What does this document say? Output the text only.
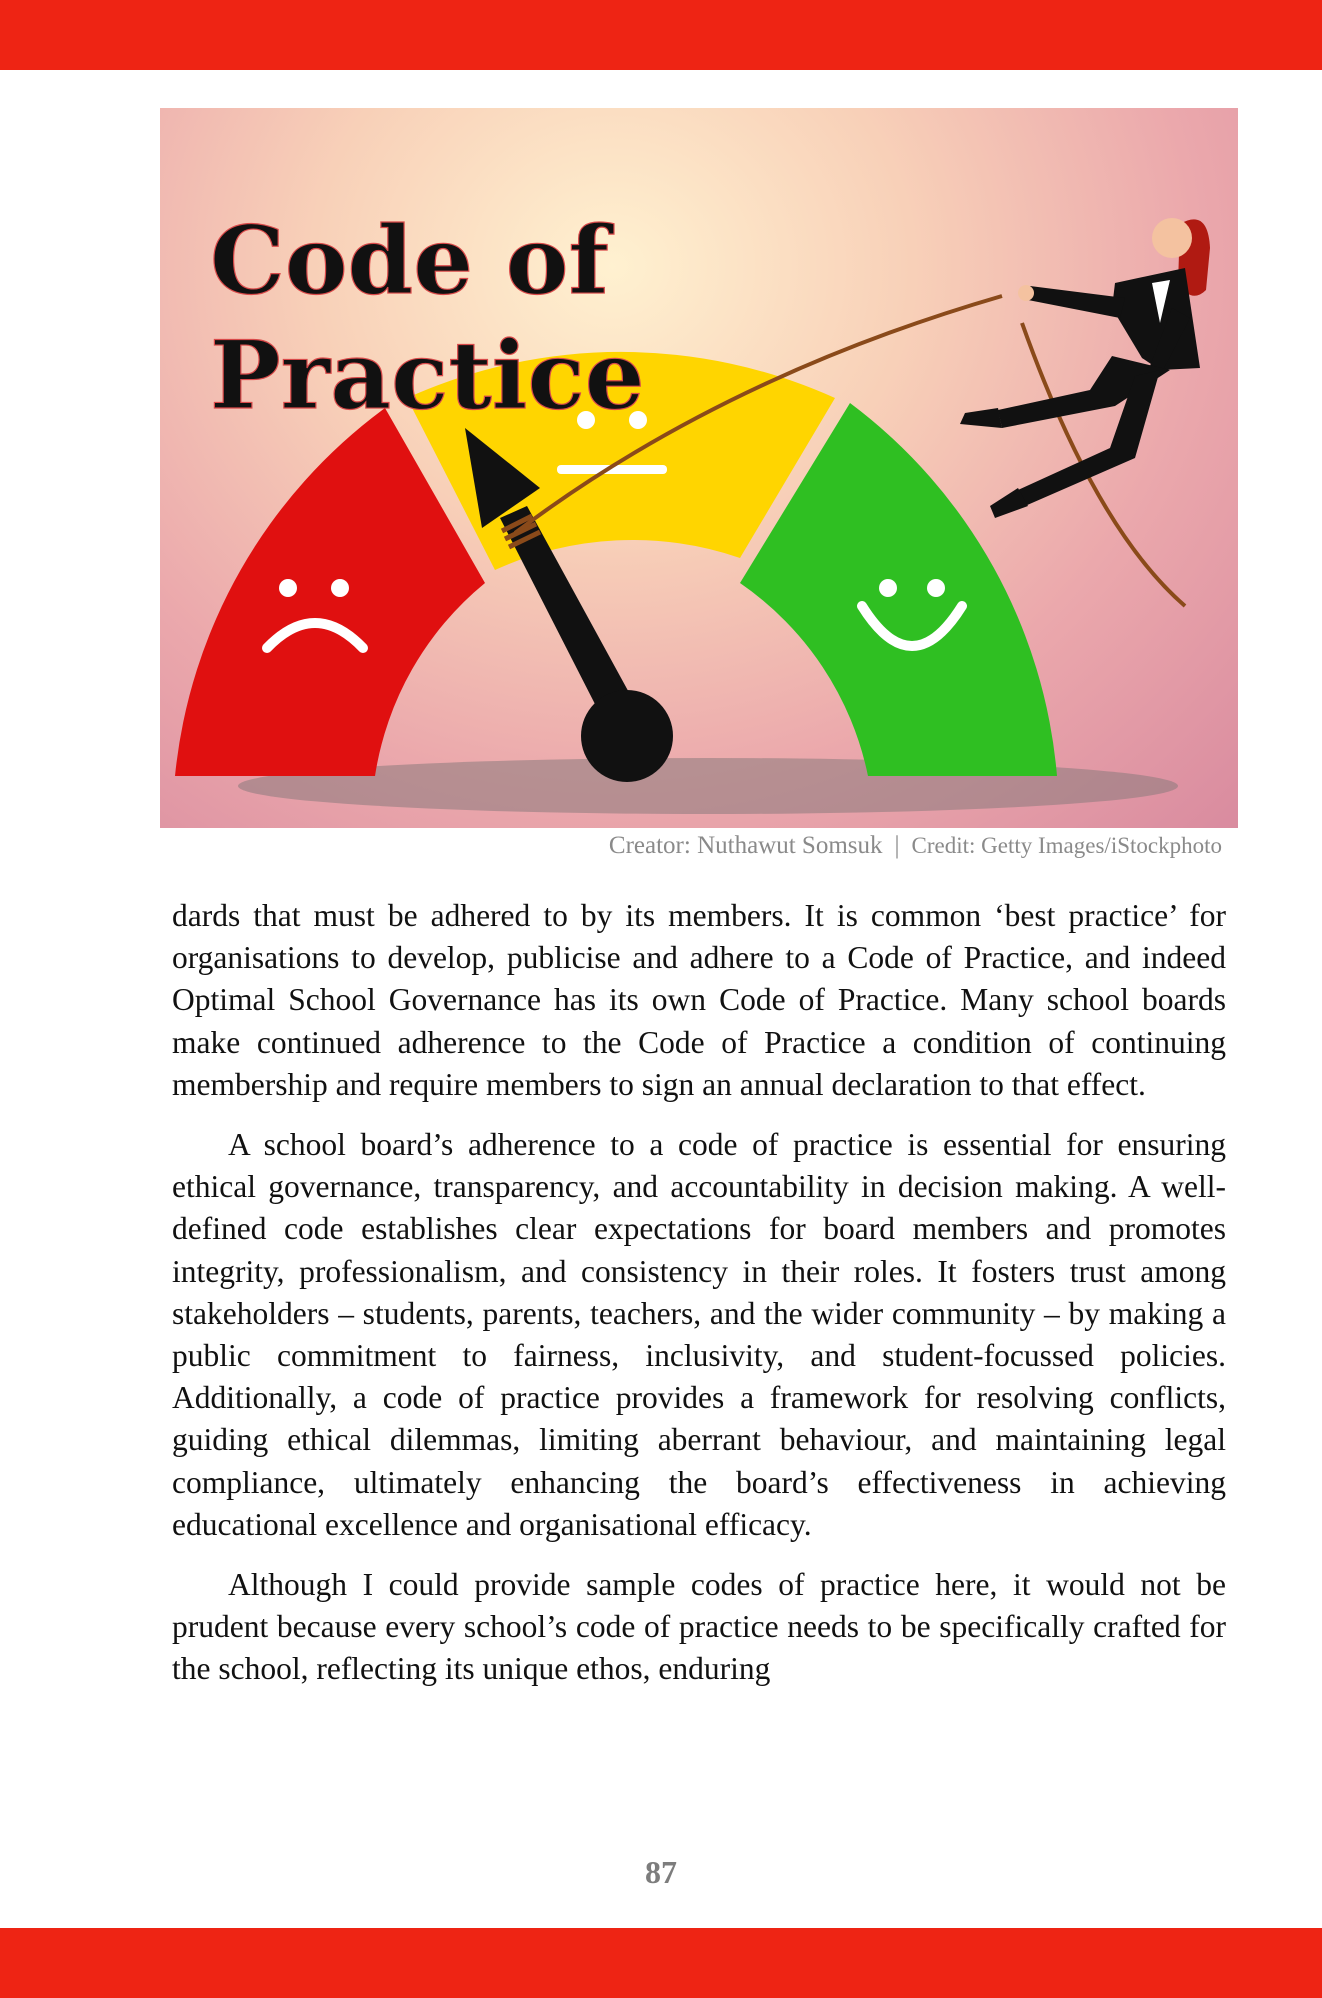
Code of
Practice
Creator: Nuthawut Somsuk | Credit: Getty Images/iStockphoto

dards that must be adhered to by its members. It is common ‘best practice’ for organisations to develop, publicise and adhere to a Code of Practice, and indeed Optimal School Governance has its own Code of Practice. Many school boards make continued adherence to the Code of Practice a condition of continuing membership and require members to sign an annual declaration to that effect.

A school board’s adherence to a code of practice is essential for ensuring ethical governance, transparency, and accountability in decision making. A well-defined code establishes clear expectations for board members and promotes integrity, professionalism, and consistency in their roles. It fosters trust among stakeholders – students, parents, teachers, and the wider community – by making a public commitment to fairness, inclusivity, and student-focussed policies. Additionally, a code of practice provides a framework for resolving conflicts, guiding ethical dilemmas, limiting aberrant behaviour, and maintaining legal compliance, ultimately enhancing the board’s effectiveness in achieving educational excellence and organisational efficacy.

Although I could provide sample codes of practice here, it would not be prudent because every school’s code of practice needs to be specifically crafted for the school, reflecting its unique ethos, enduring

87
